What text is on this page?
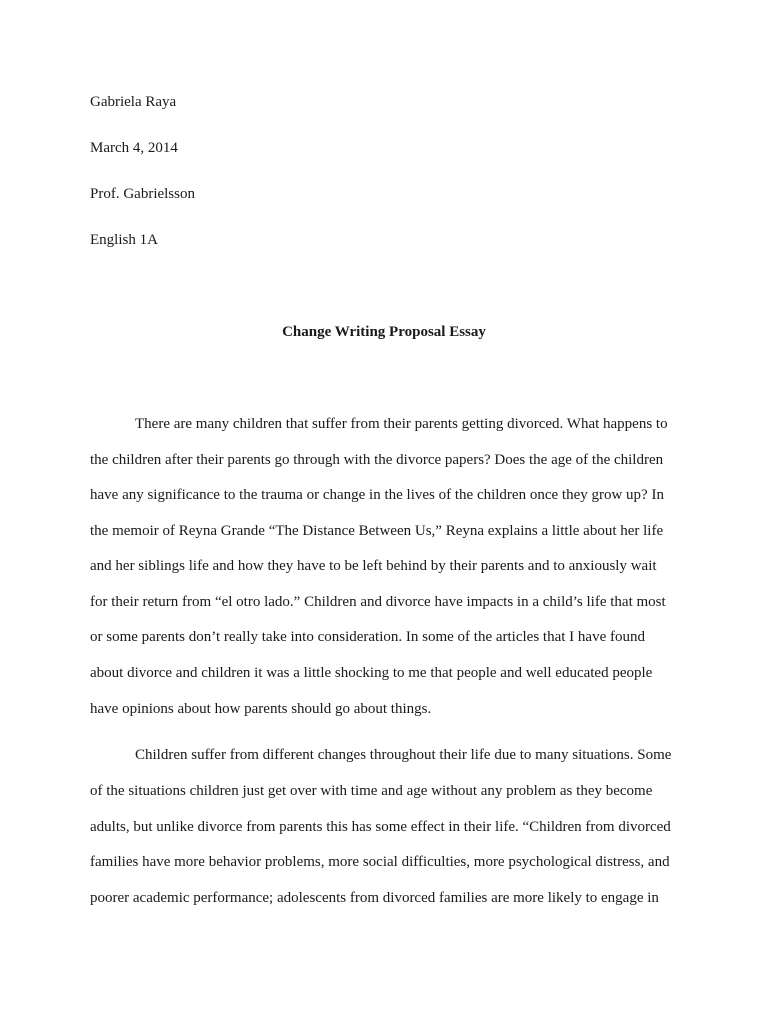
Gabriela Raya
March 4, 2014
Prof. Gabrielsson
English 1A
Change Writing Proposal Essay
There are many children that suffer from their parents getting divorced. What happens to
the children after their parents go through with the divorce papers? Does the age of the children
have any significance to the trauma or change in the lives of the children once they grow up? In
the memoir of Reyna Grande “The Distance Between Us,” Reyna explains a little about her life
and her siblings life and how they have to be left behind by their parents and to anxiously wait
for their return from “el otro lado.” Children and divorce have impacts in a child’s life that most
or some parents don’t really take into consideration. In some of the articles that I have found
about divorce and children it was a little shocking to me that people and well educated people
have opinions about how parents should go about things.
Children suffer from different changes throughout their life due to many situations. Some
of the situations children just get over with time and age without any problem as they become
adults, but unlike divorce from parents this has some effect in their life. “Children from divorced
families have more behavior problems, more social difficulties, more psychological distress, and
poorer academic performance; adolescents from divorced families are more likely to engage in
